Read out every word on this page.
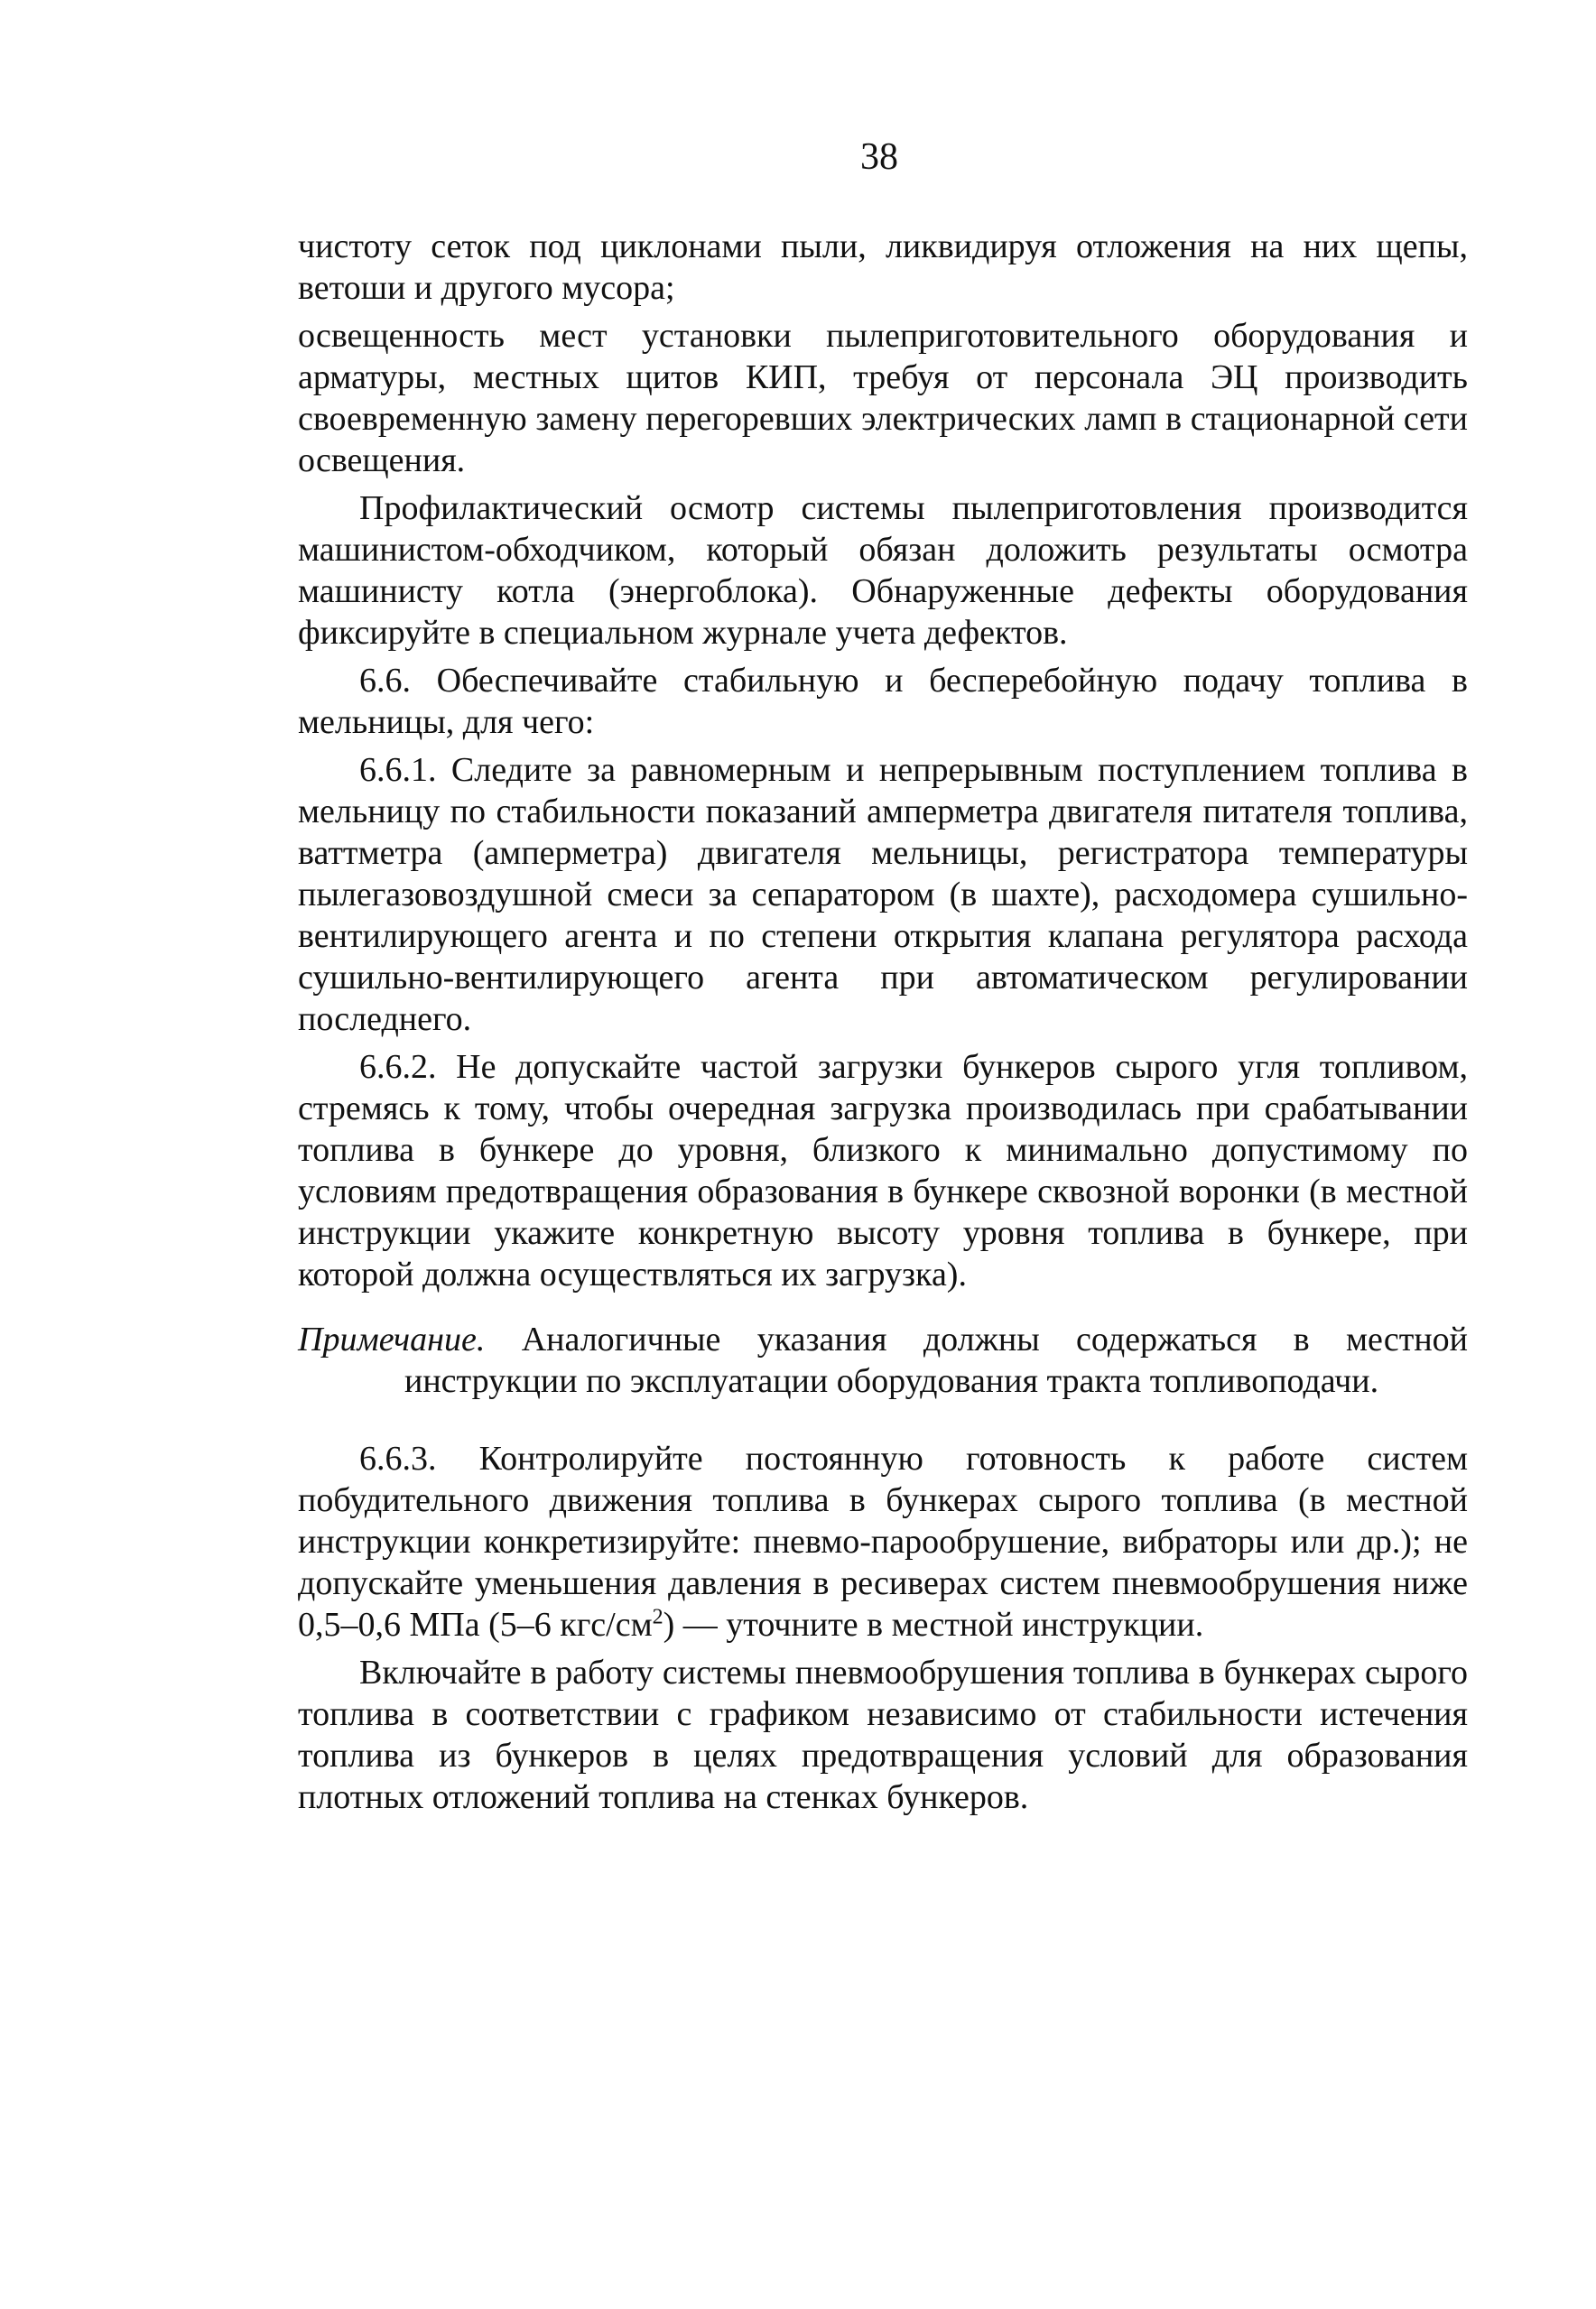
38

чистоту сеток под циклонами пыли, ликвидируя отложения на них щепы, ветоши и другого мусора;

освещенность мест установки пылеприготовительного оборудования и арматуры, местных щитов КИП, требуя от персонала ЭЦ производить своевременную замену перегоревших электрических ламп в стационарной сети освещения.

Профилактический осмотр системы пылеприготовления производится машинистом-обходчиком, который обязан доложить результаты осмотра машинисту котла (энергоблока). Обнаруженные дефекты оборудования фиксируйте в специальном журнале учета дефектов.

6.6. Обеспечивайте стабильную и бесперебойную подачу топлива в мельницы, для чего:

6.6.1. Следите за равномерным и непрерывным поступлением топлива в мельницу по стабильности показаний амперметра двигателя питателя топлива, ваттметра (амперметра) двигателя мельницы, регистратора температуры пылегазовоздушной смеси за сепаратором (в шахте), расходомера сушильно-вентилирующего агента и по степени открытия клапана регулятора расхода сушильно-вентилирующего агента при автоматическом регулировании последнего.

6.6.2. Не допускайте частой загрузки бункеров сырого угля топливом, стремясь к тому, чтобы очередная загрузка производилась при срабатывании топлива в бункере до уровня, близкого к минимально допустимому по условиям предотвращения образования в бункере сквозной воронки (в местной инструкции укажите конкретную высоту уровня топлива в бункере, при которой должна осуществляться их загрузка).

Примечание. Аналогичные указания должны содержаться в местной инструкции по эксплуатации оборудования тракта топливоподачи.

6.6.3. Контролируйте постоянную готовность к работе систем побудительного движения топлива в бункерах сырого топлива (в местной инструкции конкретизируйте: пневмо-парообрушение, вибраторы или др.); не допускайте уменьшения давления в ресиверах систем пневмообрушения ниже 0,5–0,6 МПа (5–6 кгс/$см^2$) — уточните в местной инструкции.

Включайте в работу системы пневмообрушения топлива в бункерах сырого топлива в соответствии с графиком независимо от стабильности истечения топлива из бункеров в целях предотвращения условий для образования плотных отложений топлива на стенках бункеров.
